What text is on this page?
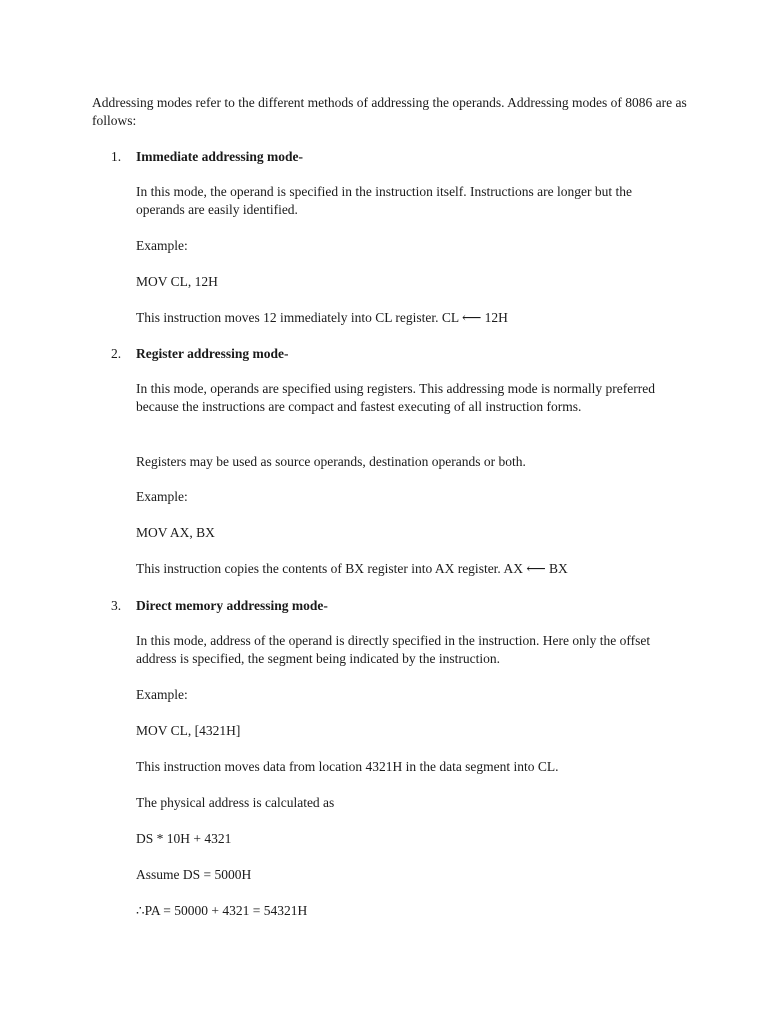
Addressing modes refer to the different methods of addressing the operands. Addressing modes of 8086 are as follows:

1. Immediate addressing mode-

In this mode, the operand is specified in the instruction itself. Instructions are longer but the operands are easily identified.

Example:

MOV CL, 12H

This instruction moves 12 immediately into CL register. CL ⟵ 12H

2. Register addressing mode-

In this mode, operands are specified using registers. This addressing mode is normally preferred because the instructions are compact and fastest executing of all instruction forms.

Registers may be used as source operands, destination operands or both.

Example:

MOV AX, BX

This instruction copies the contents of BX register into AX register. AX ⟵ BX

3. Direct memory addressing mode-

In this mode, address of the operand is directly specified in the instruction. Here only the offset address is specified, the segment being indicated by the instruction.

Example:

MOV CL, [4321H]

This instruction moves data from location 4321H in the data segment into CL.

The physical address is calculated as

DS * 10H + 4321

Assume DS = 5000H

∴PA = 50000 + 4321 = 54321H
